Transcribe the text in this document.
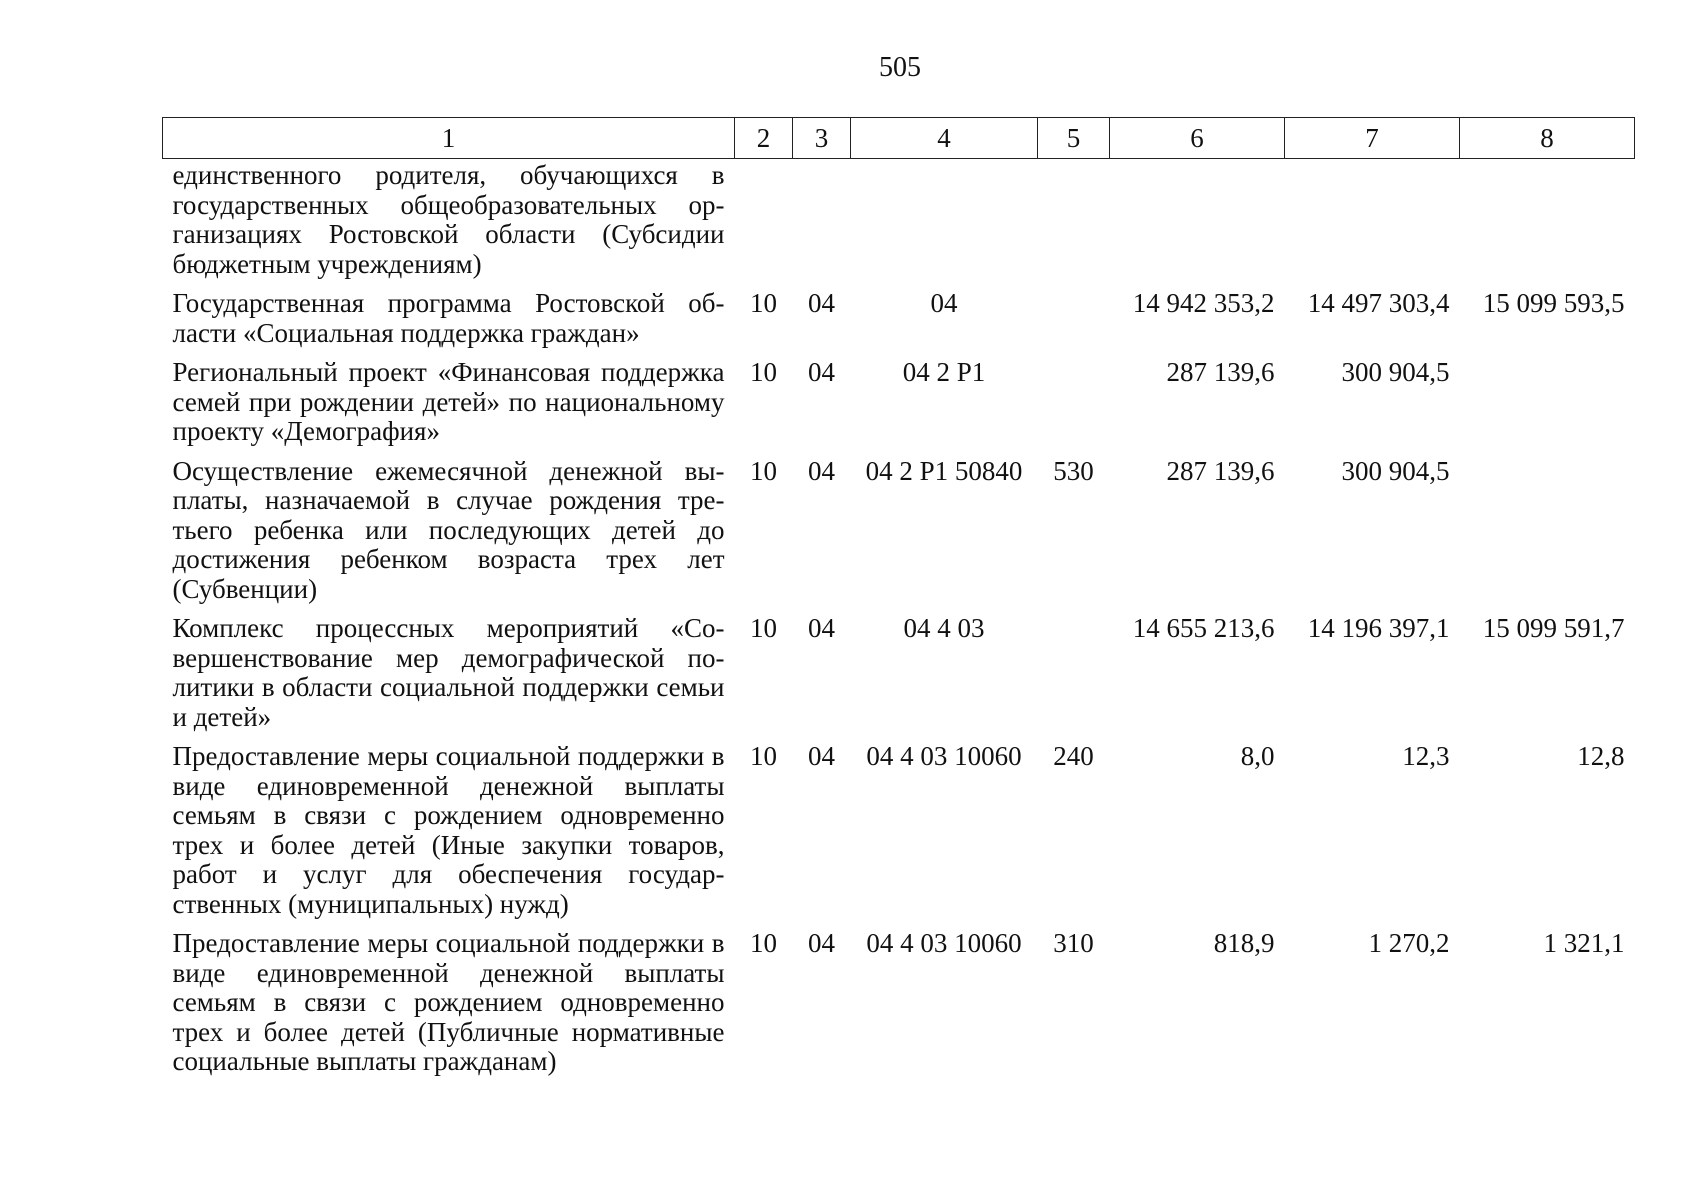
505
1	2	3	4	5	6	7	8
единственного родителя, обучающихся в государственных общеобразовательных организациях Ростовской области (Субсидии бюджетным учреждениям)							
Государственная программа Ростовской области «Социальная поддержка граждан»	10	04	04		14 942 353,2	14 497 303,4	15 099 593,5
Региональный проект «Финансовая поддержка семей при рождении детей» по национальному проекту «Демография»	10	04	04 2 P1		287 139,6	300 904,5	
Осуществление ежемесячной денежной выплаты, назначаемой в случае рождения третьего ребенка или последующих детей до достижения ребенком возраста трех лет (Субвенции)	10	04	04 2 P1 50840	530	287 139,6	300 904,5	
Комплекс процессных мероприятий «Совершенствование мер демографической политики в области социальной поддержки семьи и детей»	10	04	04 4 03		14 655 213,6	14 196 397,1	15 099 591,7
Предоставление меры социальной поддержки в виде единовременной денежной выплаты семьям в связи с рождением одновременно трех и более детей (Иные закупки товаров, работ и услуг для обеспечения государственных (муниципальных) нужд)	10	04	04 4 03 10060	240	8,0	12,3	12,8
Предоставление меры социальной поддержки в виде единовременной денежной выплаты семьям в связи с рождением одновременно трех и более детей (Публичные нормативные социальные выплаты гражданам)	10	04	04 4 03 10060	310	818,9	1 270,2	1 321,1
